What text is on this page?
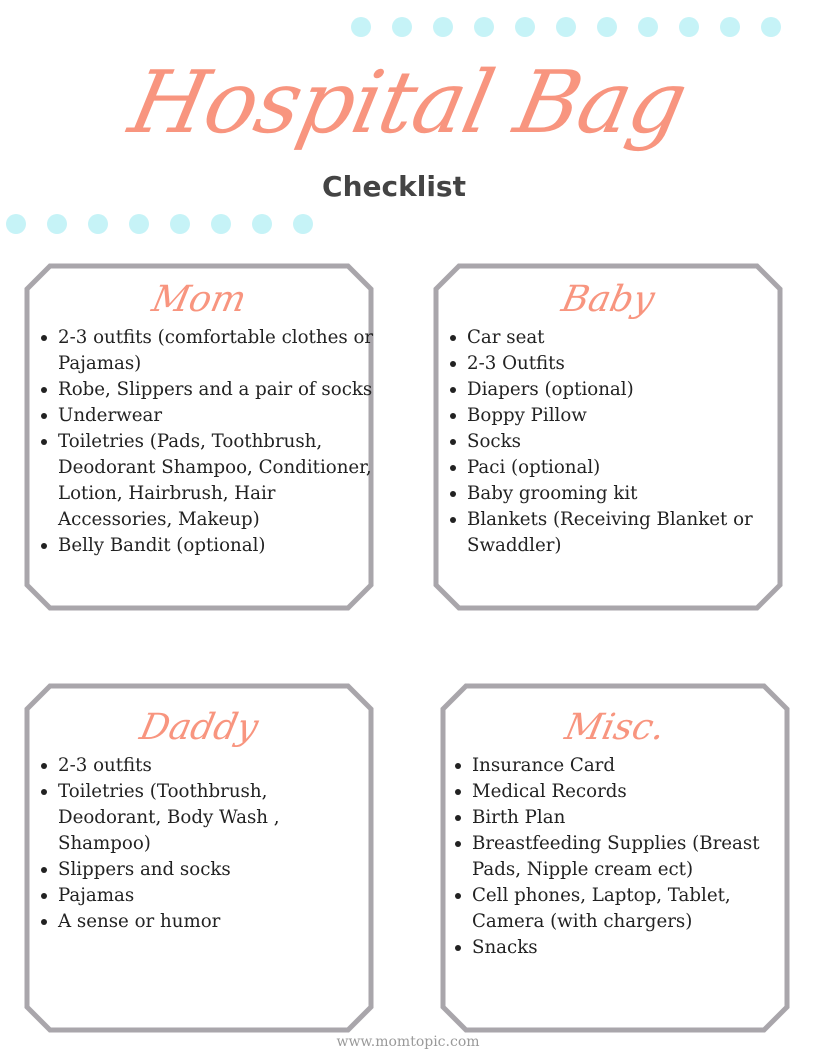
Hospital Bag
Checklist
Mom
2-3 outfits (comfortable clothes or Pajamas)
Robe, Slippers and a pair of socks
Underwear
Toiletries (Pads, Toothbrush, Deodorant Shampoo, Conditioner, Lotion, Hairbrush, Hair Accessories, Makeup)
Belly Bandit (optional)
Baby
Car seat
2-3 Outfits
Diapers (optional)
Boppy Pillow
Socks
Paci (optional)
Baby grooming kit
Blankets (Receiving Blanket or Swaddler)
Daddy
2-3 outfits
Toiletries (Toothbrush, Deodorant, Body Wash , Shampoo)
Slippers and socks
Pajamas
A sense or humor
Misc.
Insurance Card
Medical Records
Birth Plan
Breastfeeding Supplies (Breast Pads, Nipple cream ect)
Cell phones, Laptop, Tablet, Camera (with chargers)
Snacks
www.momtopic.com
